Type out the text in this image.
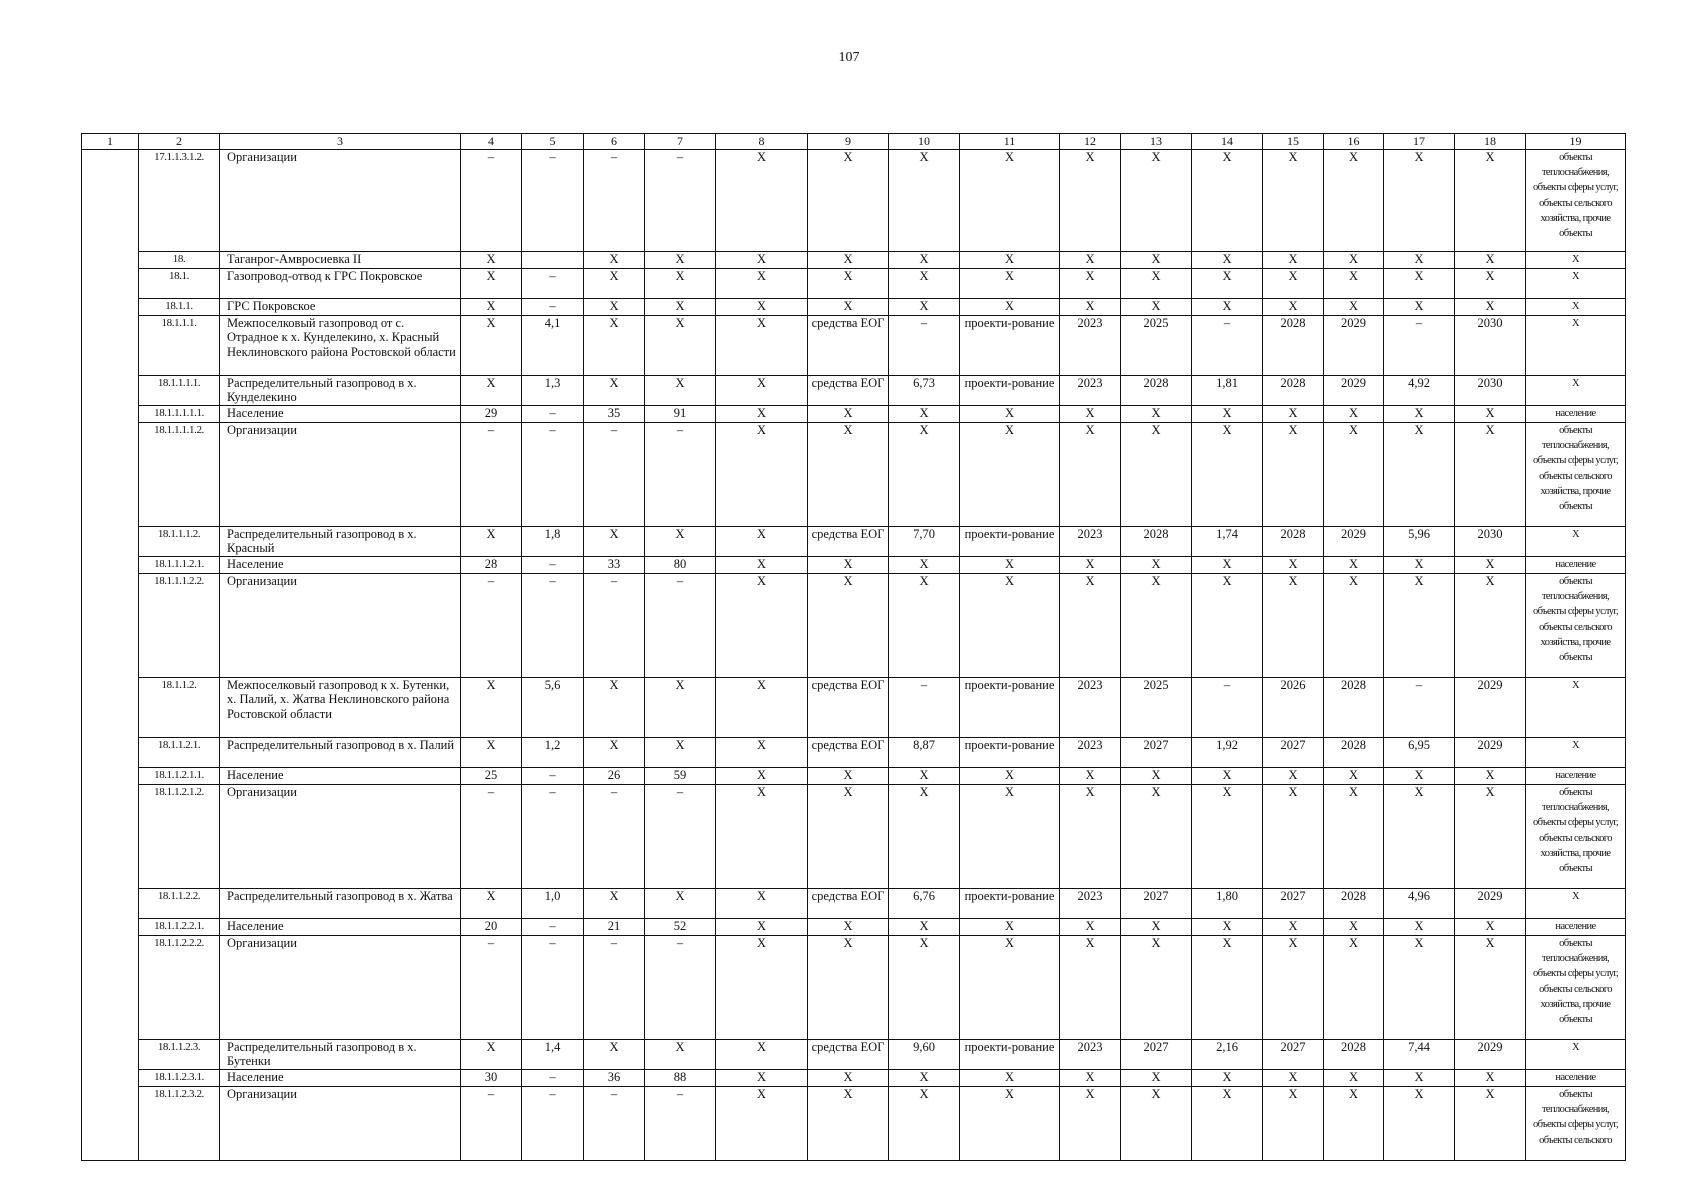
107
1	2	3	4	5	6	7	8	9	10	11	12	13	14	15	16	17	18	19
	17.1.1.3.1.2.	Организации	–	–	–	–	Х	Х	Х	Х	Х	Х	Х	Х	Х	Х	Х	объекты теплоснабжения, объекты сферы услуг, объекты сельского хозяйства, прочие объекты
	18.	Таганрог-Амвросиевка II	Х		Х	Х	Х	Х	Х	Х	Х	Х	Х	Х	Х	Х	Х	Х
	18.1.	Газопровод-отвод к ГРС Покровское	Х	–	Х	Х	Х	Х	Х	Х	Х	Х	Х	Х	Х	Х	Х	Х
	18.1.1.	ГРС Покровское	Х	–	Х	Х	Х	Х	Х	Х	Х	Х	Х	Х	Х	Х	Х	Х
	18.1.1.1.	Межпоселковый газопровод от с. Отрадное к х. Кунделекино, х. Красный Неклиновского района Ростовской области	Х	4,1	Х	Х	Х	средства ЕОГ	–	проекти-рование	2023	2025	–	2028	2029	–	2030	Х
	18.1.1.1.1.	Распределительный газопровод в х. Кунделекино	Х	1,3	Х	Х	Х	средства ЕОГ	6,73	проекти-рование	2023	2028	1,81	2028	2029	4,92	2030	Х
	18.1.1.1.1.1.	Население	29	–	35	91	Х	Х	Х	Х	Х	Х	Х	Х	Х	Х	Х	население
	18.1.1.1.1.2.	Организации	–	–	–	–	Х	Х	Х	Х	Х	Х	Х	Х	Х	Х	Х	объекты теплоснабжения, объекты сферы услуг, объекты сельского хозяйства, прочие объекты
	18.1.1.1.2.	Распределительный газопровод в х. Красный	Х	1,8	Х	Х	Х	средства ЕОГ	7,70	проекти-рование	2023	2028	1,74	2028	2029	5,96	2030	Х
	18.1.1.1.2.1.	Население	28	–	33	80	Х	Х	Х	Х	Х	Х	Х	Х	Х	Х	Х	население
	18.1.1.1.2.2.	Организации	–	–	–	–	Х	Х	Х	Х	Х	Х	Х	Х	Х	Х	Х	объекты теплоснабжения, объекты сферы услуг, объекты сельского хозяйства, прочие объекты
	18.1.1.2.	Межпоселковый газопровод к х. Бутенки, х. Палий, х. Жатва Неклиновского района Ростовской области	Х	5,6	Х	Х	Х	средства ЕОГ	–	проекти-рование	2023	2025	–	2026	2028	–	2029	Х
	18.1.1.2.1.	Распределительный газопровод в х. Палий	Х	1,2	Х	Х	Х	средства ЕОГ	8,87	проекти-рование	2023	2027	1,92	2027	2028	6,95	2029	Х
	18.1.1.2.1.1.	Население	25	–	26	59	Х	Х	Х	Х	Х	Х	Х	Х	Х	Х	Х	население
	18.1.1.2.1.2.	Организации	–	–	–	–	Х	Х	Х	Х	Х	Х	Х	Х	Х	Х	Х	объекты теплоснабжения, объекты сферы услуг, объекты сельского хозяйства, прочие объекты
	18.1.1.2.2.	Распределительный газопровод в х. Жатва	Х	1,0	Х	Х	Х	средства ЕОГ	6,76	проекти-рование	2023	2027	1,80	2027	2028	4,96	2029	Х
	18.1.1.2.2.1.	Население	20	–	21	52	Х	Х	Х	Х	Х	Х	Х	Х	Х	Х	Х	население
	18.1.1.2.2.2.	Организации	–	–	–	–	Х	Х	Х	Х	Х	Х	Х	Х	Х	Х	Х	объекты теплоснабжения, объекты сферы услуг, объекты сельского хозяйства, прочие объекты
	18.1.1.2.3.	Распределительный газопровод в х. Бутенки	Х	1,4	Х	Х	Х	средства ЕОГ	9,60	проекти-рование	2023	2027	2,16	2027	2028	7,44	2029	Х
	18.1.1.2.3.1.	Население	30	–	36	88	Х	Х	Х	Х	Х	Х	Х	Х	Х	Х	Х	население
	18.1.1.2.3.2.	Организации	–	–	–	–	Х	Х	Х	Х	Х	Х	Х	Х	Х	Х	Х	объекты теплоснабжения, объекты сферы услуг, объекты сельского
